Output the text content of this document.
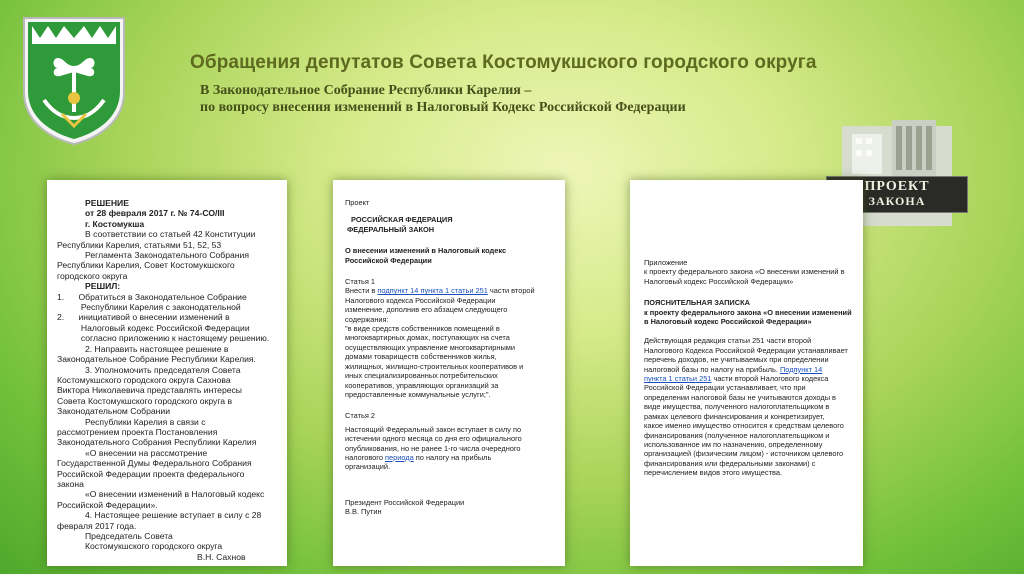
Обращения депутатов Совета Костомукшского городского округа
В Законодательное Собрание Республики Карелия –
по вопросу внесения изменений в Налоговый Кодекс Российской Федерации
ПРОЕКТ
ЗАКОНА
РЕШЕНИЕ
от 28 февраля 2017 г. № 74-СО/III
г. Костомукша
В соответствии со статьей 42 Конституции
Республики Карелия, статьями 51, 52, 53
Регламента Законодательного Собрания
Республики Карелия, Совет Костомукшского
городского округа
РЕШИЛ:
1.      Обратиться в Законодательное Собрание
Республики Карелия с законодательной
2.      инициативой о внесении изменений в
Налоговый кодекс Российской Федерации
согласно приложению к настоящему решению.
2. Направить настоящее решение в
Законодательное Собрание Республики Карелия.
3. Уполномочить председателя Совета
Костомукшского городского округа Сахнова
Виктора Николаевича представлять интересы
Совета Костомукшского городского округа в
Законодательном Собрании
Республики Карелия в связи с
рассмотрением проекта Постановления
Законодательного Собрания Республики Карелия
«О внесении на рассмотрение
Государственной Думы Федерального Собрания
Российской Федерации проекта федерального
закона
«О внесении изменений в Налоговый кодекс
Российской Федерации».
4. Настоящее решение вступает в силу с 28
февраля 2017 года.
Председатель Совета
Костомукшского городского округа
В.Н. Сахнов
Проект
РОССИЙСКАЯ ФЕДЕРАЦИЯ
ФЕДЕРАЛЬНЫЙ ЗАКОН
О внесении изменений в Налоговый кодекс
Российской Федерации
Статья 1
Внести в подпункт 14 пункта 1 статьи 251 части второй
Налогового кодекса Российской Федерации
изменение, дополнив его абзацем следующего
содержания:
"в виде средств собственников помещений в
многоквартирных домах, поступающих на счета
осуществляющих управление многоквартирными
домами товариществ собственников жилья,
жилищных, жилищно-строительных кооперативов и
иных специализированных потребительских
кооперативов, управляющих организаций за
предоставленные коммунальные услуги;".
Статья 2
Настоящий Федеральный закон вступает в силу по
истечении одного месяца со дня его официального
опубликования, но не ранее 1-го числа очередного
налогового периода по налогу на прибыль
организаций.
Президент Российской Федерации
В.В. Путин
Приложение
к проекту федерального закона «О внесении изменений в
Налоговый кодекс Российской Федерации»
ПОЯСНИТЕЛЬНАЯ ЗАПИСКА
к проекту федерального закона «О внесении изменений
в Налоговый кодекс Российской Федерации»
Действующая редакция статьи 251 части второй
Налогового Кодекса Российской Федерации устанавливает
перечень доходов, не учитываемых при определении
налоговой базы по налогу на прибыль. Подпункт 14
пункта 1 статьи 251 части второй Налогового кодекса
Российской Федерации устанавливает, что при
определении налоговой базы не учитываются доходы в
виде имущества, полученного налогоплательщиком в
рамках целевого финансирования и конкретизирует,
какое именно имущество относится к средствам целевого
финансирования (полученное налогоплательщиком и
использованное им по назначению, определенному
организацией (физическим лицом) - источником целевого
финансирования или федеральными законами) с
перечислением видов этого имущества.
